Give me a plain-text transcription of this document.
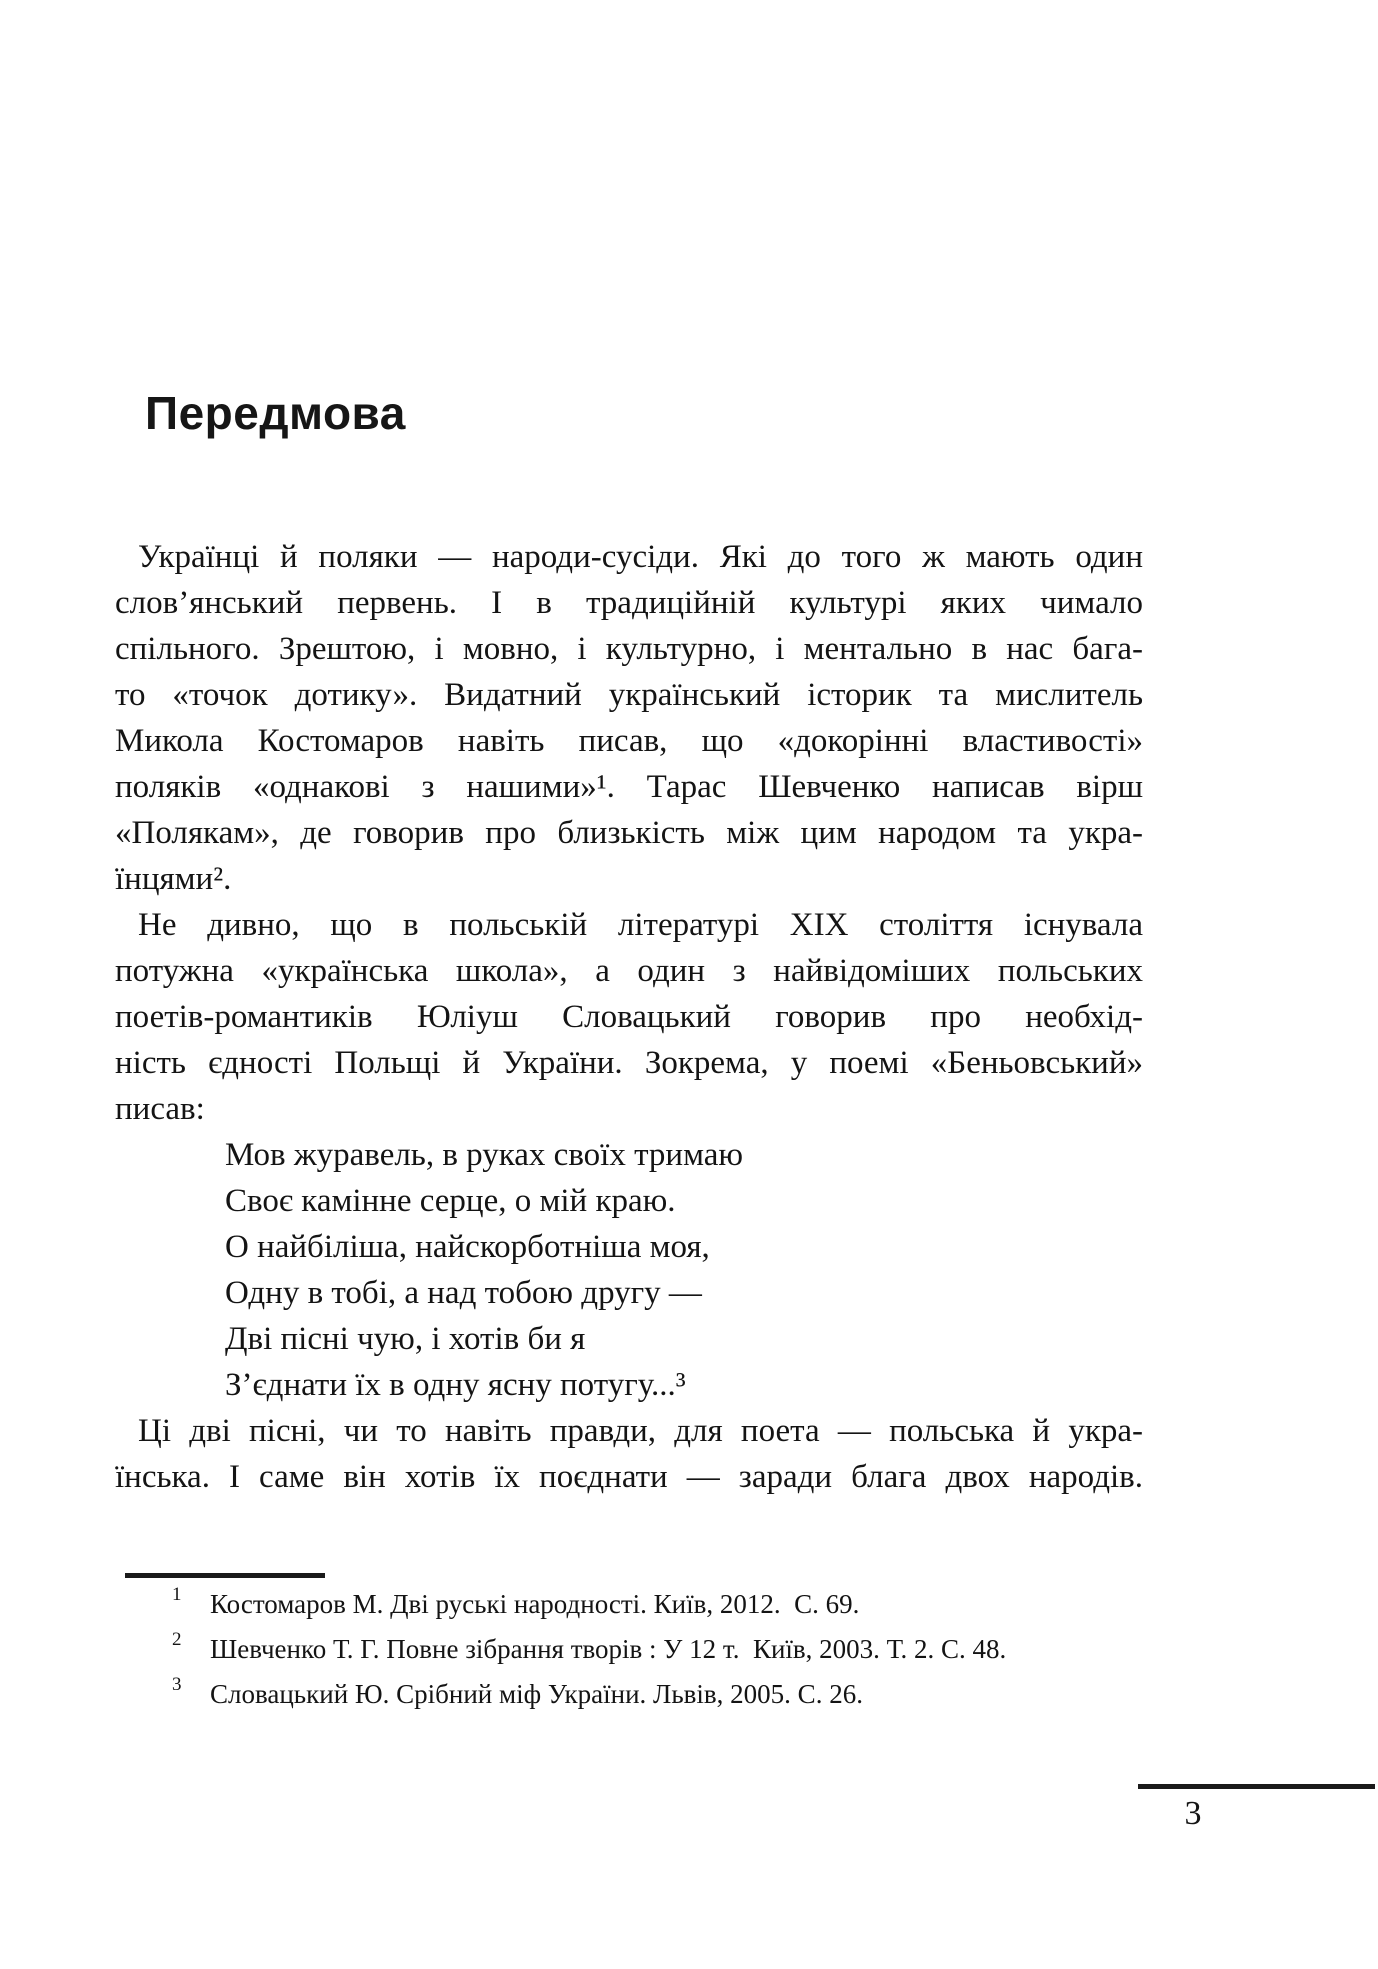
Передмова
Українці й поляки — народи-сусіди. Які до того ж мають один
слов’янський первень. І в традиційній культурі яких чимало
спільного. Зрештою, і мовно, і культурно, і ментально в нас бага-
то «точок дотику». Видатний український історик та мислитель
Микола Костомаров навіть писав, що «докорінні властивості»
поляків «однакові з нашими»¹. Тарас Шевченко написав вірш
«Полякам», де говорив про близькість між цим народом та укра-
їнцями².
Не дивно, що в польській літературі XIX століття існувала
потужна «українська школа», а один з найвідоміших польських
поетів-романтиків Юліуш Словацький говорив про необхід-
ність єдності Польщі й України. Зокрема, у поемі «Беньовський»
писав:
Мов журавель, в руках своїх тримаю
Своє камінне серце, о мій краю.
О найбіліша, найскорботніша моя,
Одну в тобі, а над тобою другу —
Дві пісні чую, і хотів би я
З’єднати їх в одну ясну потугу...³
Ці дві пісні, чи то навіть правди, для поета — польська й укра-
їнська. І саме він хотів їх поєднати — заради блага двох народів.
$^1$ Костомаров М. Дві руські народності. Київ, 2012.  С. 69.
$^2$ Шевченко Т. Г. Повне зібрання творів : У 12 т.  Київ, 2003. Т. 2. С. 48.
$^3$ Словацький Ю. Срібний міф України. Львів, 2005. С. 26.
3
